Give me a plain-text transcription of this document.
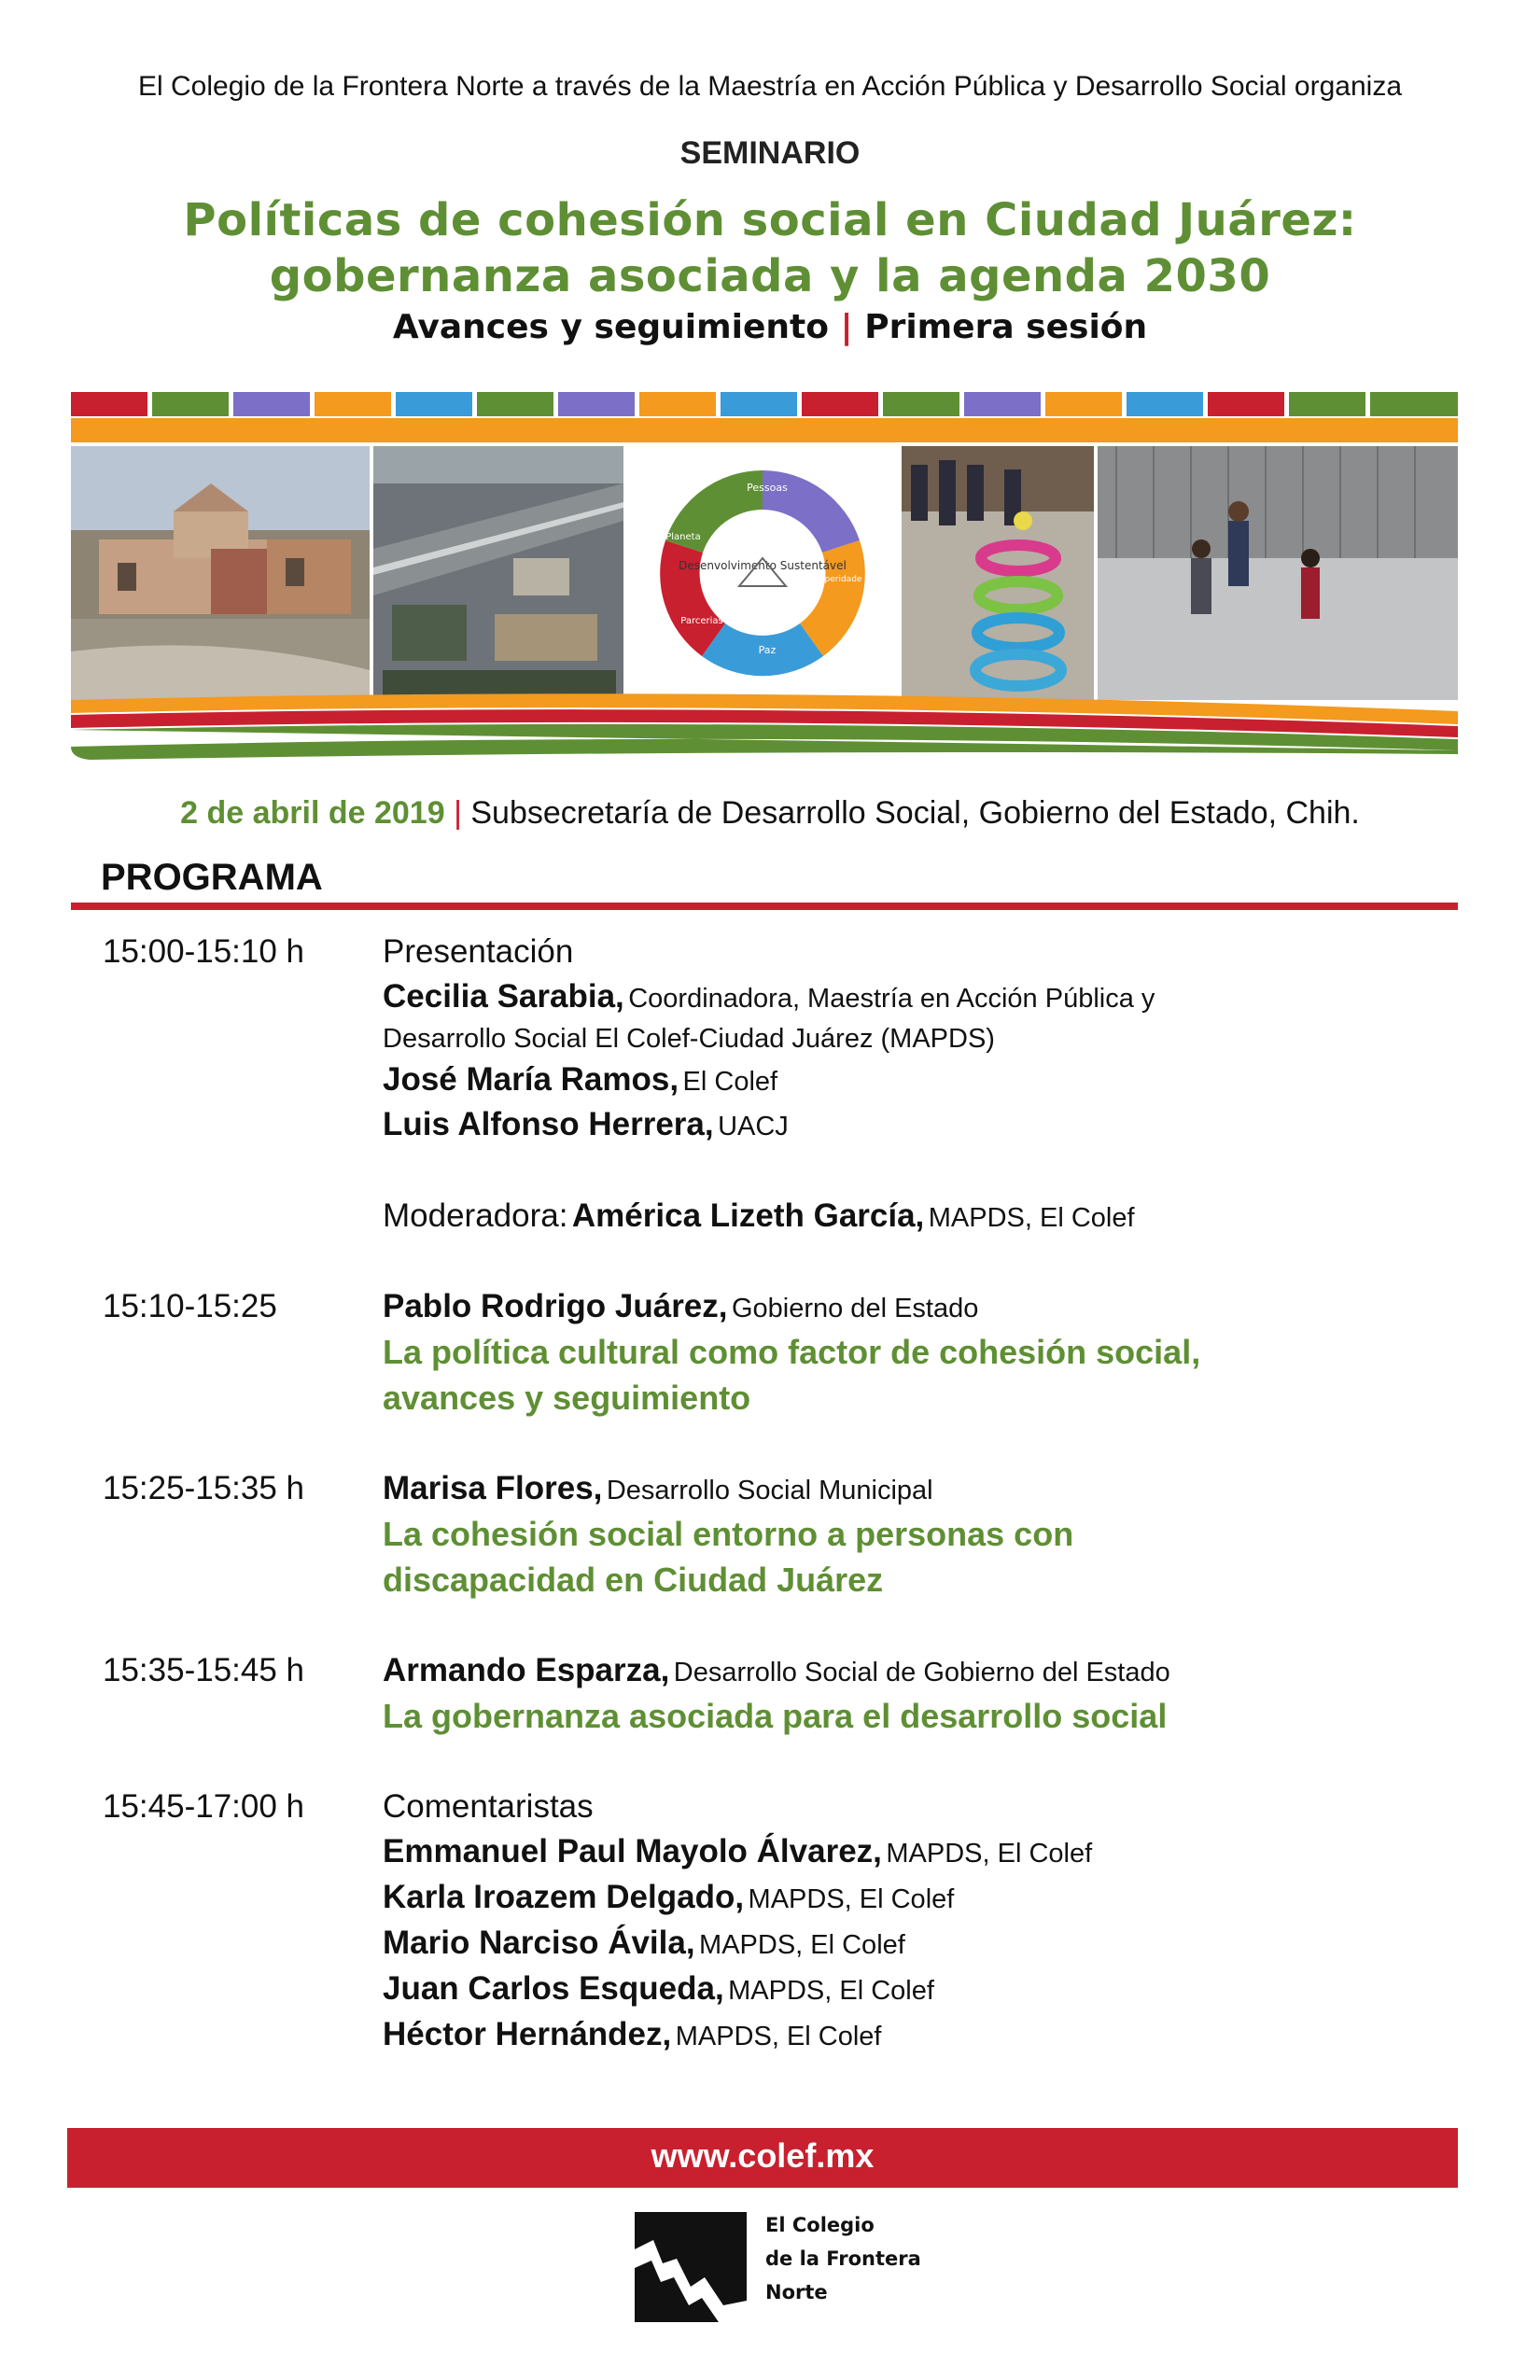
El Colegio de la Frontera Norte a través de la Maestría en Acción Pública y Desarrollo Social organiza
SEMINARIO
Políticas de cohesión social en Ciudad Juárez:
gobernanza asociada y la agenda 2030
Avances y seguimiento | Primera sesión
Desenvolvimento Sustentável
Pessoas
Prosperidade
Paz
Parcerias
Planeta
2 de abril de 2019 | Subsecretaría de Desarrollo Social, Gobierno del Estado, Chih.
PROGRAMA
15:00-15:10 h Presentación
Cecilia Sarabia, Coordinadora, Maestría en Acción Pública y
Desarrollo Social El Colef-Ciudad Juárez (MAPDS)
José María Ramos, El Colef
Luis Alfonso Herrera, UACJ
Moderadora: América Lizeth García, MAPDS, El Colef
15:10-15:25	Pablo Rodrigo Juárez, Gobierno del Estado
La política cultural como factor de cohesión social,
avances y seguimiento
15:25-15:35 h Marisa Flores, Desarrollo Social Municipal
La cohesión social entorno a personas con
discapacidad en Ciudad Juárez
15:35-15:45 h Armando Esparza, Desarrollo Social de Gobierno del Estado
La gobernanza asociada para el desarrollo social
15:45-17:00 h Comentaristas
Emmanuel Paul Mayolo Álvarez, MAPDS, El Colef
Karla Iroazem Delgado, MAPDS, El Colef
Mario Narciso Ávila, MAPDS, El Colef
Juan Carlos Esqueda, MAPDS, El Colef
Héctor Hernández, MAPDS, El Colef
www.colef.mx
El Colegio
de la Frontera
Norte
